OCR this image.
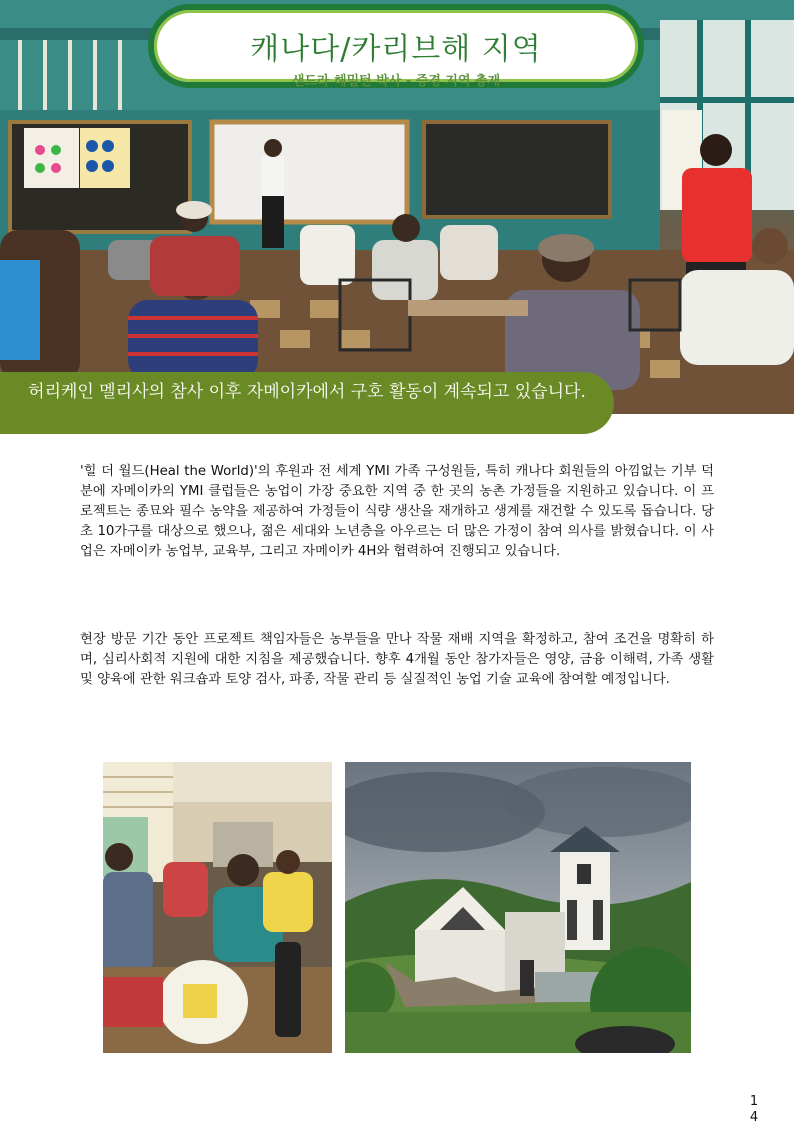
캐나다/카리브해 지역
샌드라 해밀턴 박사 - 증경 지역 총재
허리케인 멜리사의 참사 이후 자메이카에서 구호 활동이 계속되고 있습니다.
'힐 더 월드(Heal the World)'의 후원과 전 세계 YMI 가족 구성원들, 특히 캐나다 회원들의 아낌없는 기부 덕분에 자메이카의 YMI 클럽들은 농업이 가장 중요한 지역 중 한 곳의 농촌 가정들을 지원하고 있습니다. 이 프로젝트는 종묘와 필수 농약을 제공하여 가정들이 식량 생산을 재개하고 생계를 재건할 수 있도록 돕습니다. 당초 10가구를 대상으로 했으나, 젊은 세대와 노년층을 아우르는 더 많은 가정이 참여 의사를 밝혔습니다. 이 사업은 자메이카 농업부, 교육부, 그리고 자메이카 4H와 협력하여 진행되고 있습니다.
현장 방문 기간 동안 프로젝트 책임자들은 농부들을 만나 작물 재배 지역을 확정하고, 참여 조건을 명확히 하며, 심리사회적 지원에 대한 지침을 제공했습니다. 향후 4개월 동안 참가자들은 영양, 금융 이해력, 가족 생활 및 양육에 관한 워크숍과 토양 검사, 파종, 작물 관리 등 실질적인 농업 기술 교육에 참여할 예정입니다.
1
4
